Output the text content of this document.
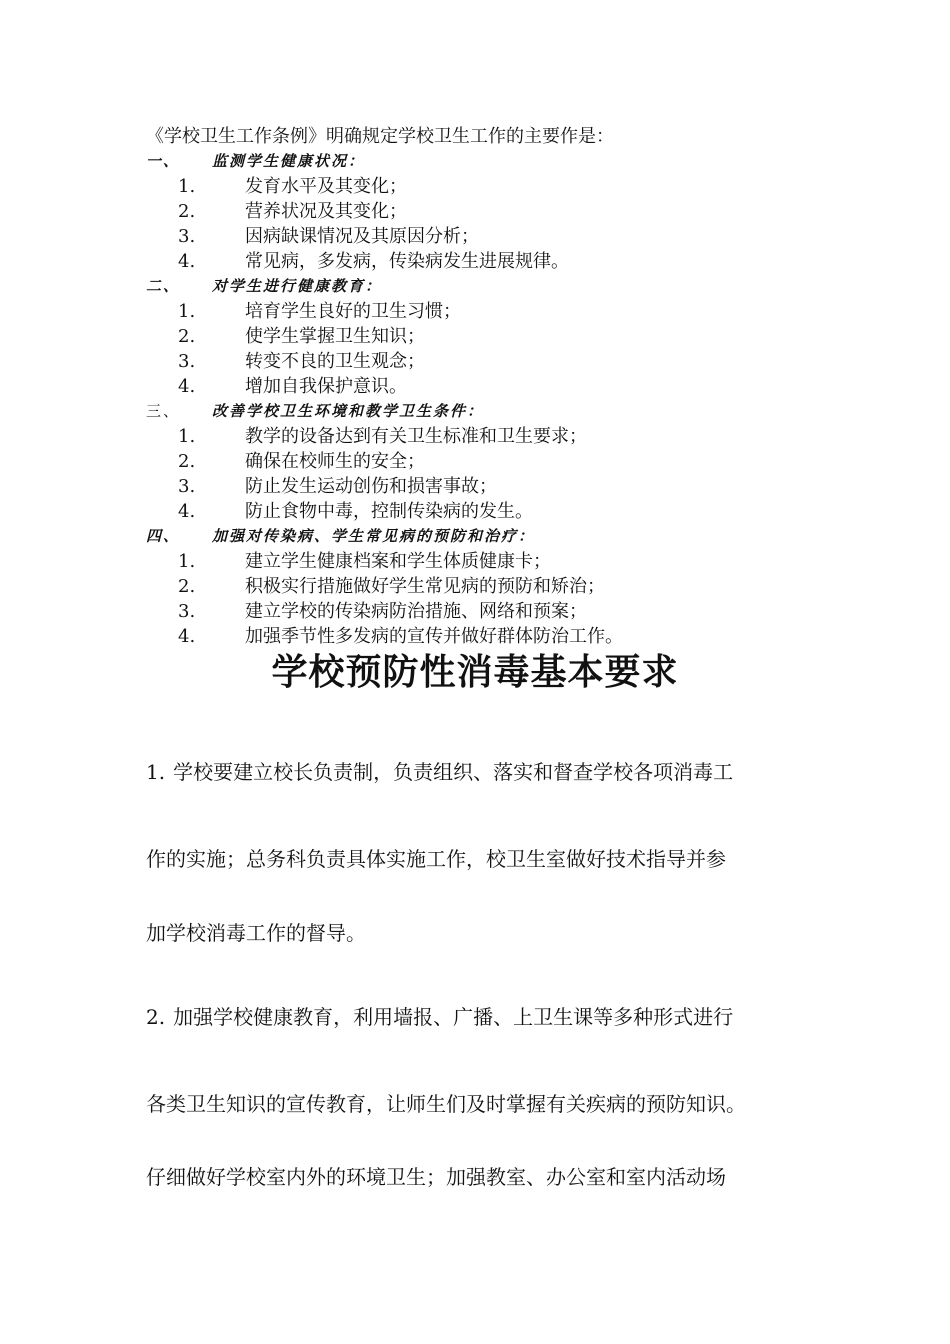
《学校卫生工作条例》明确规定学校卫生工作的主要作是：
一、 监测学生健康状况：
1.	发育水平及其变化；
2.	营养状况及其变化；
3.	因病缺课情况及其原因分析；
4.	常见病，多发病，传染病发生进展规律。
二、 对学生进行健康教育：
1.	培育学生良好的卫生习惯；
2.	使学生掌握卫生知识；
3.	转变不良的卫生观念；
4.	增加自我保护意识。
三、 改善学校卫生环境和教学卫生条件：
1.	教学的设备达到有关卫生标准和卫生要求；
2.	确保在校师生的安全；
3.	防止发生运动创伤和损害事故；
4.	防止食物中毒，控制传染病的发生。
四、 加强对传染病、学生常见病的预防和治疗：
1.	建立学生健康档案和学生体质健康卡；
2.	积极实行措施做好学生常见病的预防和矫治；
3.	建立学校的传染病防治措施、网络和预案；
4.	加强季节性多发病的宣传并做好群体防治工作。
学校预防性消毒基本要求
1. 学校要建立校长负责制，负责组织、落实和督查学校各项消毒工
作的实施；总务科负责具体实施工作，校卫生室做好技术指导并参
加学校消毒工作的督导。
2. 加强学校健康教育，利用墙报、广播、上卫生课等多种形式进行
各类卫生知识的宣传教育，让师生们及时掌握有关疾病的预防知识。
仔细做好学校室内外的环境卫生；加强教室、办公室和室内活动场
